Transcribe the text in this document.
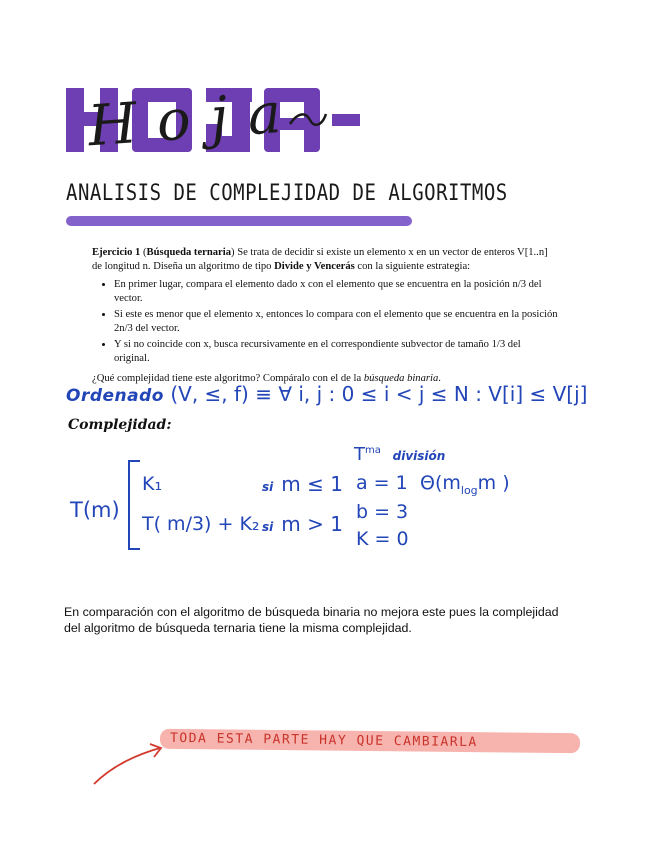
Hoja
ANALISIS DE COMPLEJIDAD DE ALGORITMOS

Ejercicio 1 (Búsqueda ternaria) Se trata de decidir si existe un elemento x en un vector de enteros V[1..n] de longitud n. Diseña un algoritmo de tipo Divide y Vencerás con la siguiente estrategia:

• En primer lugar, compara el elemento dado x con el elemento que se encuentra en la posición n/3 del vector.
• Si este es menor que el elemento x, entonces lo compara con el elemento que se encuentra en la posición 2n/3 del vector.
• Y si no coincide con x, busca recursivamente en el correspondiente subvector de tamaño 1/3 del original.

¿Qué complejidad tiene este algoritmo? Compáralo con el de la búsqueda binaria.

Ordenado (V, ≤, f) ≡ ∀ i, j : 0 ≤ i < j ≤ N : V[i] ≤ V[j]
Complejidad:
$T^{ma}$ división
T(m)
K₁
T( m/3) + K₂
si m ≤ 1
si m > 1
a = 1
b = 3
K = 0
$\Theta(m_{log}m$ )
En comparación con el algoritmo de búsqueda binaria no mejora este pues la complejidad del algoritmo de búsqueda ternaria tiene la misma complejidad.
TODA ESTA PARTE HAY QUE CAMBIARLA
